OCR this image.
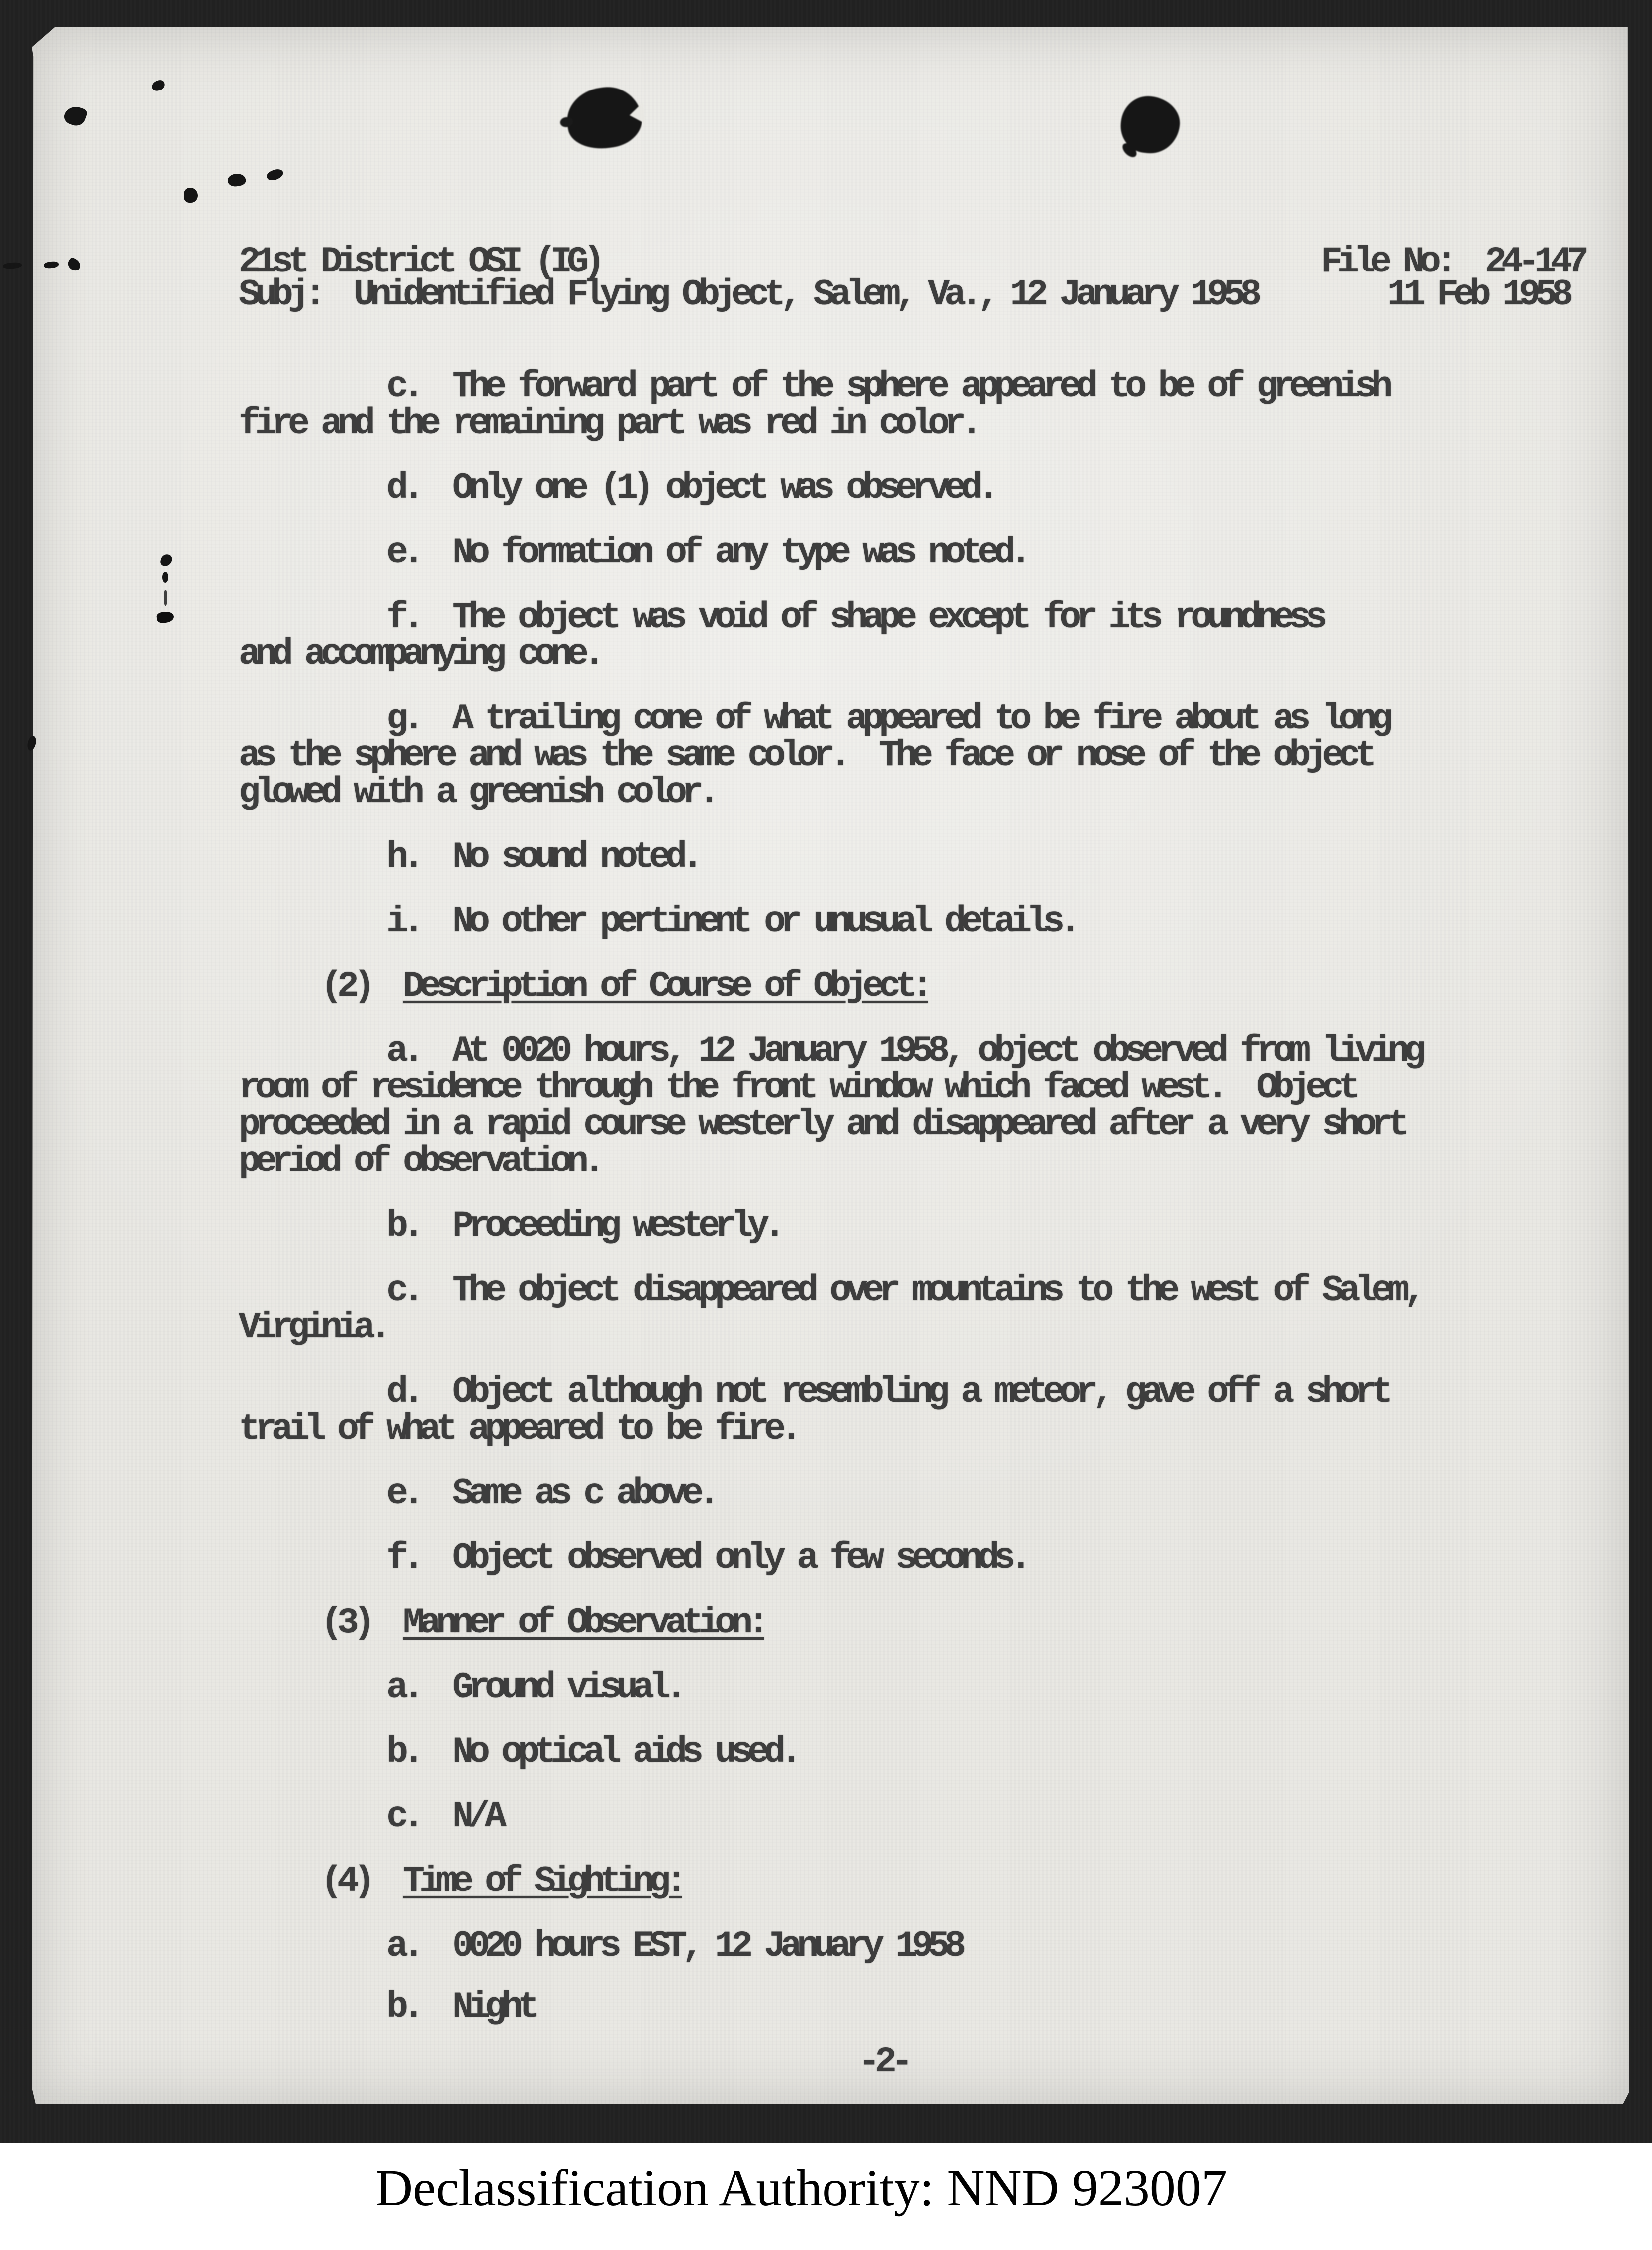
21st District OSI (IG)
Subj:  Unidentified Flying Object, Salem, Va., 12 January 1958
File No:  24-147
11 Feb 1958
c.  The forward part of the sphere appeared to be of greenish
fire and the remaining part was red in color.
d.  Only one (1) object was observed.
e.  No formation of any type was noted.
f.  The object was void of shape except for its roundness
and accompanying cone.
g.  A trailing cone of what appeared to be fire about as long
as the sphere and was the same color.  The face or nose of the object
glowed with a greenish color.
h.  No sound noted.
i.  No other pertinent or unusual details.
(2)  Description of Course of Object:
a.  At 0020 hours, 12 January 1958, object observed from living
room of residence through the front window which faced west.  Object
proceeded in a rapid course westerly and disappeared after a very short
period of observation.
b.  Proceeding westerly.
c.  The object disappeared over mountains to the west of Salem,
Virginia.
d.  Object although not resembling a meteor, gave off a short
trail of what appeared to be fire.
e.  Same as c above.
f.  Object observed only a few seconds.
(3)  Manner of Observation:
a.  Ground visual.
b.  No optical aids used.
c.  N/A
(4)  Time of Sighting:
a.  0020 hours EST, 12 January 1958
b.  Night
-2-
Declassification Authority: NND 923007
